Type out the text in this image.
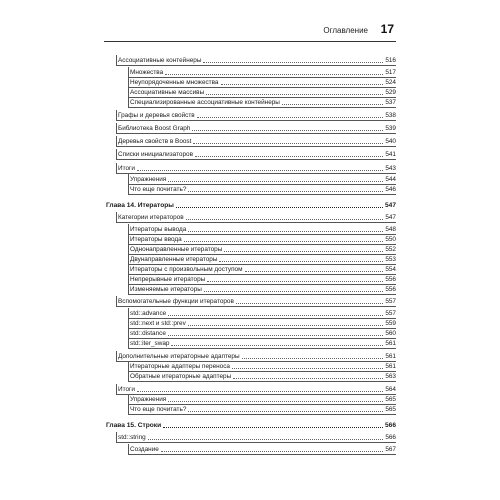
Оглавление 17
Ассоциативные контейнеры	516
Множества	517
Неупорядоченные множества	524
Ассоциативные массивы	529
Специализированные ассоциативные контейнеры	537
Графы и деревья свойств	538
Библиотека Boost Graph	539
Деревья свойств в Boost	540
Списки инициализаторов	541
Итоги	543
Упражнения	544
Что еще почитать?	546
Глава 14. Итераторы	547
Категории итераторов	547
Итераторы вывода	548
Итераторы ввода	550
Однонаправленные итераторы	552
Двунаправленные итераторы	553
Итераторы с произвольным доступом	554
Непрерывные итераторы	556
Изменяемые итераторы	556
Вспомогательные функции итераторов	557
std::advance	557
std::next и std::prev	559
std::distance	560
std::iter_swap	561
Дополнительные итераторные адаптеры	561
Итераторные адаптеры переноса	561
Обратные итераторные адаптеры	563
Итоги	564
Упражнения	565
Что еще почитать?	565
Глава 15. Строки	566
std::string	566
Создание	567
